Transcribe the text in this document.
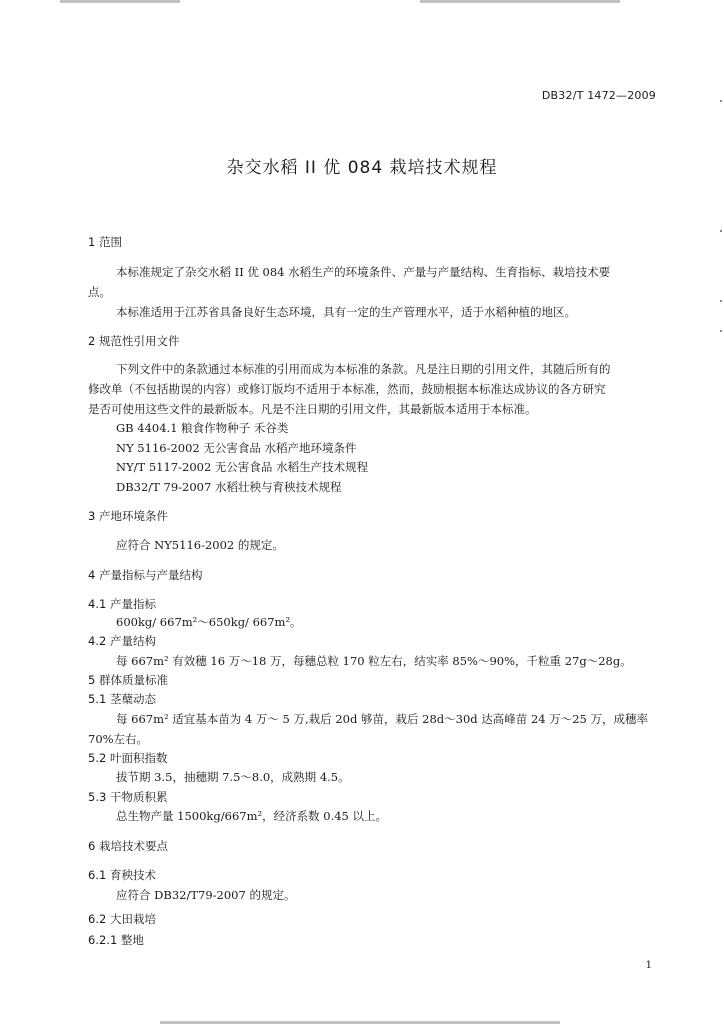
DB32/T 1472—2009
杂交水稻 II 优 084 栽培技术规程
1 范围
本标准规定了杂交水稻 II 优 084 水稻生产的环境条件、产量与产量结构、生育指标、栽培技术要
点。
本标准适用于江苏省具备良好生态环境，具有一定的生产管理水平，适于水稻种植的地区。
2 规范性引用文件
下列文件中的条款通过本标准的引用而成为本标准的条款。凡是注日期的引用文件，其随后所有的
修改单（不包括勘误的内容）或修订版均不适用于本标准，然而，鼓励根据本标准达成协议的各方研究
是否可使用这些文件的最新版本。凡是不注日期的引用文件，其最新版本适用于本标准。
GB 4404.1 粮食作物种子 禾谷类
NY 5116-2002 无公害食品 水稻产地环境条件
NY/T 5117-2002 无公害食品 水稻生产技术规程
DB32/T 79-2007 水稻壮秧与育秧技术规程
3 产地环境条件
应符合 NY5116-2002 的规定。
4 产量指标与产量结构
4.1 产量指标
600kg/ 667m²～650kg/ 667m²。
4.2 产量结构
每 667m² 有效穗 16 万～18 万，每穗总粒 170 粒左右，结实率 85%～90%，千粒重 27g～28g。
5 群体质量标准
5.1 茎蘖动态
每 667m² 适宜基本苗为 4 万～ 5 万,栽后 20d 够苗，栽后 28d～30d 达高峰苗 24 万～25 万，成穗率
70%左右。
5.2 叶面积指数
拔节期 3.5，抽穗期 7.5～8.0，成熟期 4.5。
5.3 干物质积累
总生物产量 1500kg/667m²，经济系数 0.45 以上。
6 栽培技术要点
6.1 育秧技术
应符合 DB32/T79-2007 的规定。
6.2 大田栽培
6.2.1 整地
1
